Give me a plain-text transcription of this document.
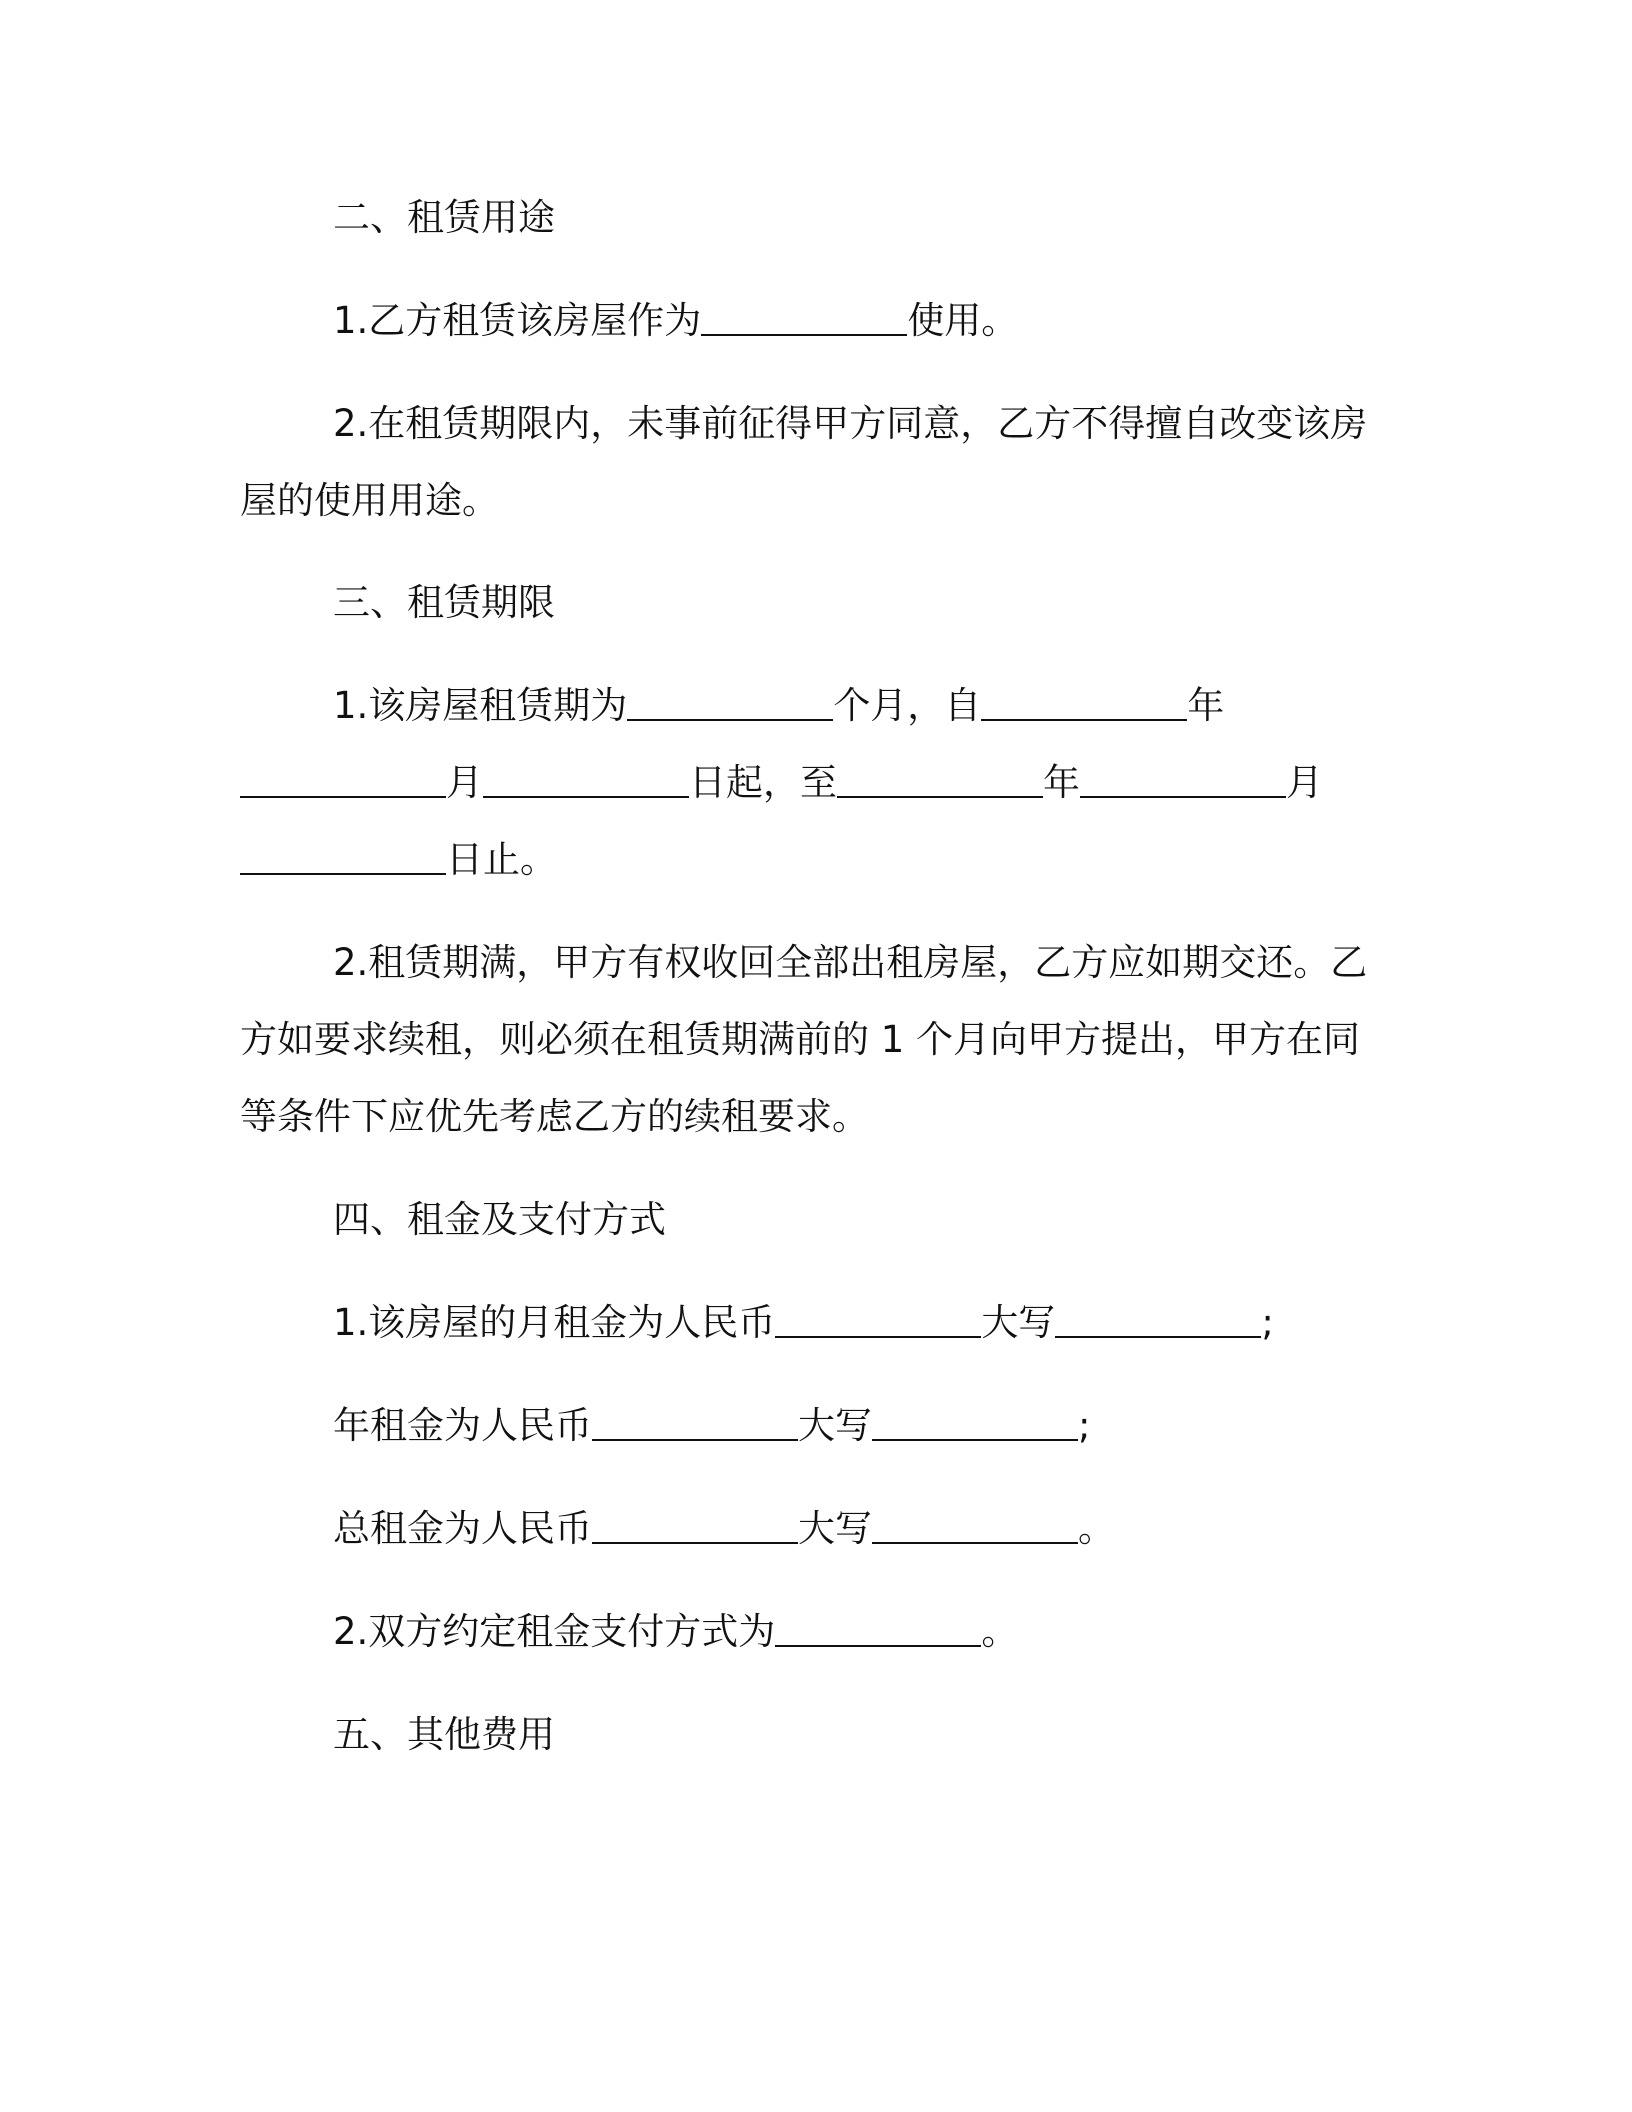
二、租赁用途
1.乙方租赁该房屋作为	使用。
2.在租赁期限内，未事前征得甲方同意，乙方不得擅自改变该房
屋的使用用途。
三、租赁期限
1.该房屋租赁期为	个月，自	年
月	日起，至	年	月
日止。
2.租赁期满，甲方有权收回全部出租房屋，乙方应如期交还。乙
方如要求续租，则必须在租赁期满前的 1 个月向甲方提出，甲方在同
等条件下应优先考虑乙方的续租要求。
四、租金及支付方式
1.该房屋的月租金为人民币	大写	;
年租金为人民币	大写	;
总租金为人民币	大写	。
2.双方约定租金支付方式为	。
五、其他费用
